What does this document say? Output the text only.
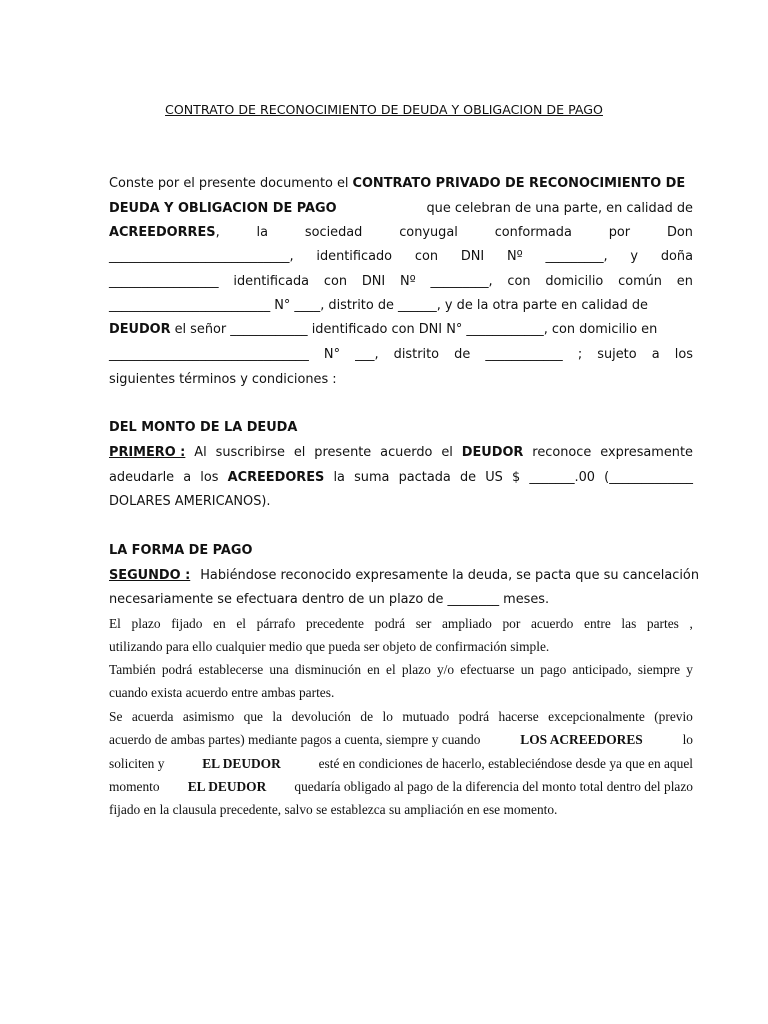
CONTRATO DE RECONOCIMIENTO DE DEUDA Y OBLIGACION DE PAGO
Conste por el presente documento el CONTRATO PRIVADO DE RECONOCIMIENTO DE
DEUDA Y OBLIGACION DE PAGO	que celebran de una parte, en calidad de
ACREEDORRES,	la	sociedad	conyugal	conformada	por	Don
____________________________, identificado con DNI Nº _________, y doña
_________________ identificada con DNI Nº _________, con domicilio común en
_________________________ N° ____, distrito de ______, y de la otra parte en calidad de
DEUDOR el señor ____________ identificado con DNI N° ____________, con domicilio en
_______________________________ N° ___, distrito de ____________ ; sujeto a los
siguientes términos y condiciones :
DEL MONTO DE LA DEUDA
PRIMERO : Al suscribirse el presente acuerdo el DEUDOR reconoce expresamente
adeudarle a los ACREEDORES la suma pactada de US $ _______.00 (_____________
DOLARES AMERICANOS).
LA FORMA DE PAGO
SEGUNDO : Habiéndose reconocido expresamente la deuda, se pacta que su cancelación
necesariamente se efectuara dentro de un plazo de ________ meses.
El plazo fijado en el párrafo precedente podrá ser ampliado por acuerdo entre las partes ,
utilizando para ello cualquier medio que pueda ser objeto de confirmación simple.
También podrá establecerse una disminución en el plazo y/o efectuarse un pago anticipado, siempre y
cuando exista acuerdo entre ambas partes.
Se acuerda asimismo que la devolución de lo mutuado podrá hacerse excepcionalmente (previo
acuerdo de ambas partes) mediante pagos a cuenta, siempre y cuando	LOS ACREEDORES	lo
soliciten y	EL DEUDOR	esté en condiciones de hacerlo, estableciéndose desde ya que en aquel
momento EL DEUDOR quedaría obligado al pago de la diferencia del monto total dentro del plazo
fijado en la clausula precedente, salvo se establezca su ampliación en ese momento.
